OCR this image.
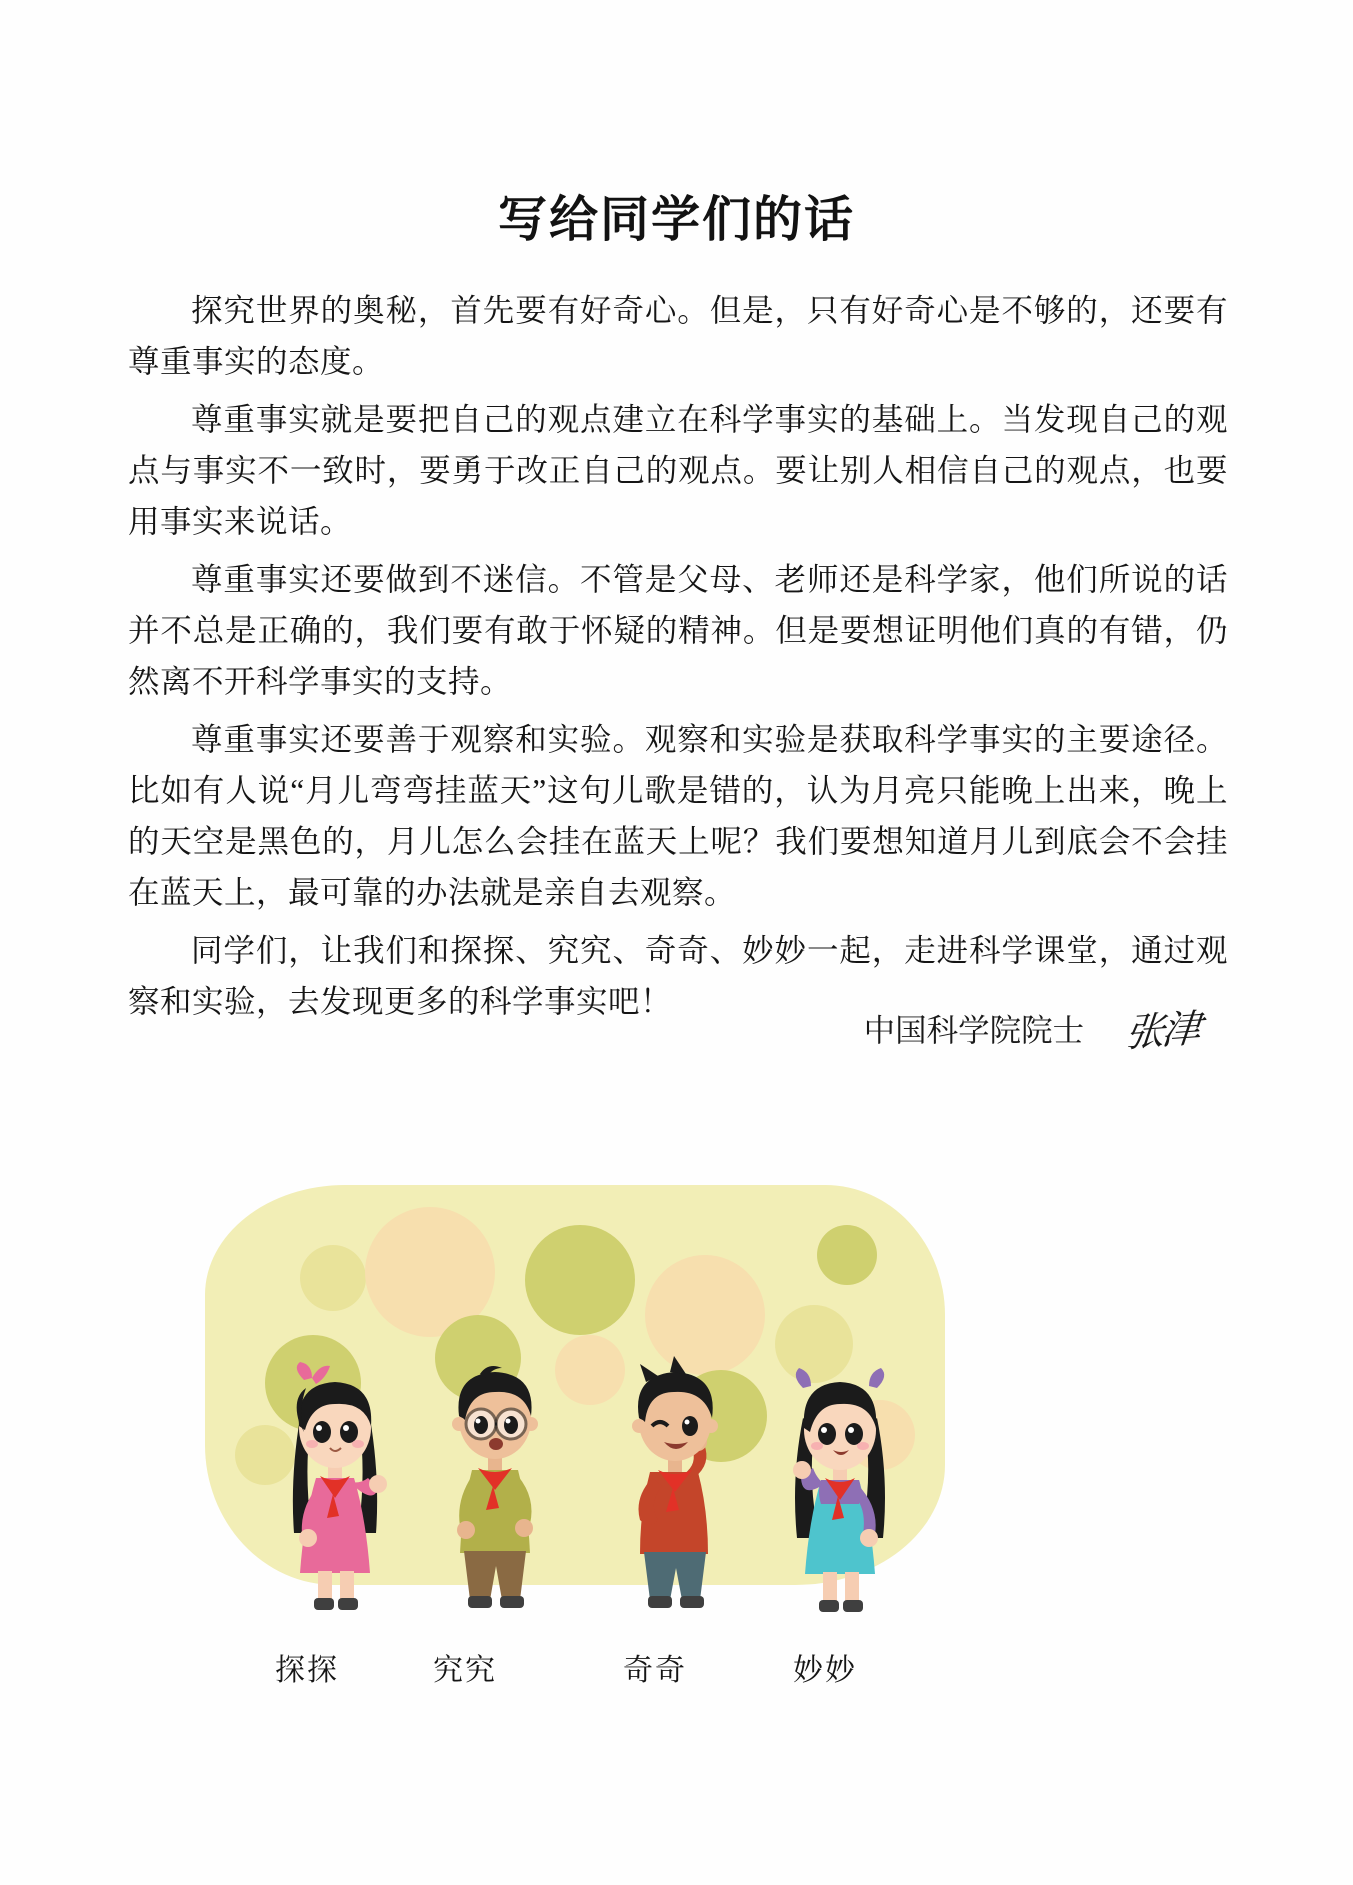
写给同学们的话

探究世界的奥秘，首先要有好奇心。但是，只有好奇心是不够的，还要有尊重事实的态度。

尊重事实就是要把自己的观点建立在科学事实的基础上。当发现自己的观点与事实不一致时，要勇于改正自己的观点。要让别人相信自己的观点，也要用事实来说话。

尊重事实还要做到不迷信。不管是父母、老师还是科学家，他们所说的话并不总是正确的，我们要有敢于怀疑的精神。但是要想证明他们真的有错，仍然离不开科学事实的支持。

尊重事实还要善于观察和实验。观察和实验是获取科学事实的主要途径。比如有人说“月儿弯弯挂蓝天”这句儿歌是错的，认为月亮只能晚上出来，晚上的天空是黑色的，月儿怎么会挂在蓝天上呢？我们要想知道月儿到底会不会挂在蓝天上，最可靠的办法就是亲自去观察。

同学们，让我们和探探、究究、奇奇、妙妙一起，走进科学课堂，通过观察和实验，去发现更多的科学事实吧！

中国科学院院士 张津
探探	究究	奇奇	妙妙
